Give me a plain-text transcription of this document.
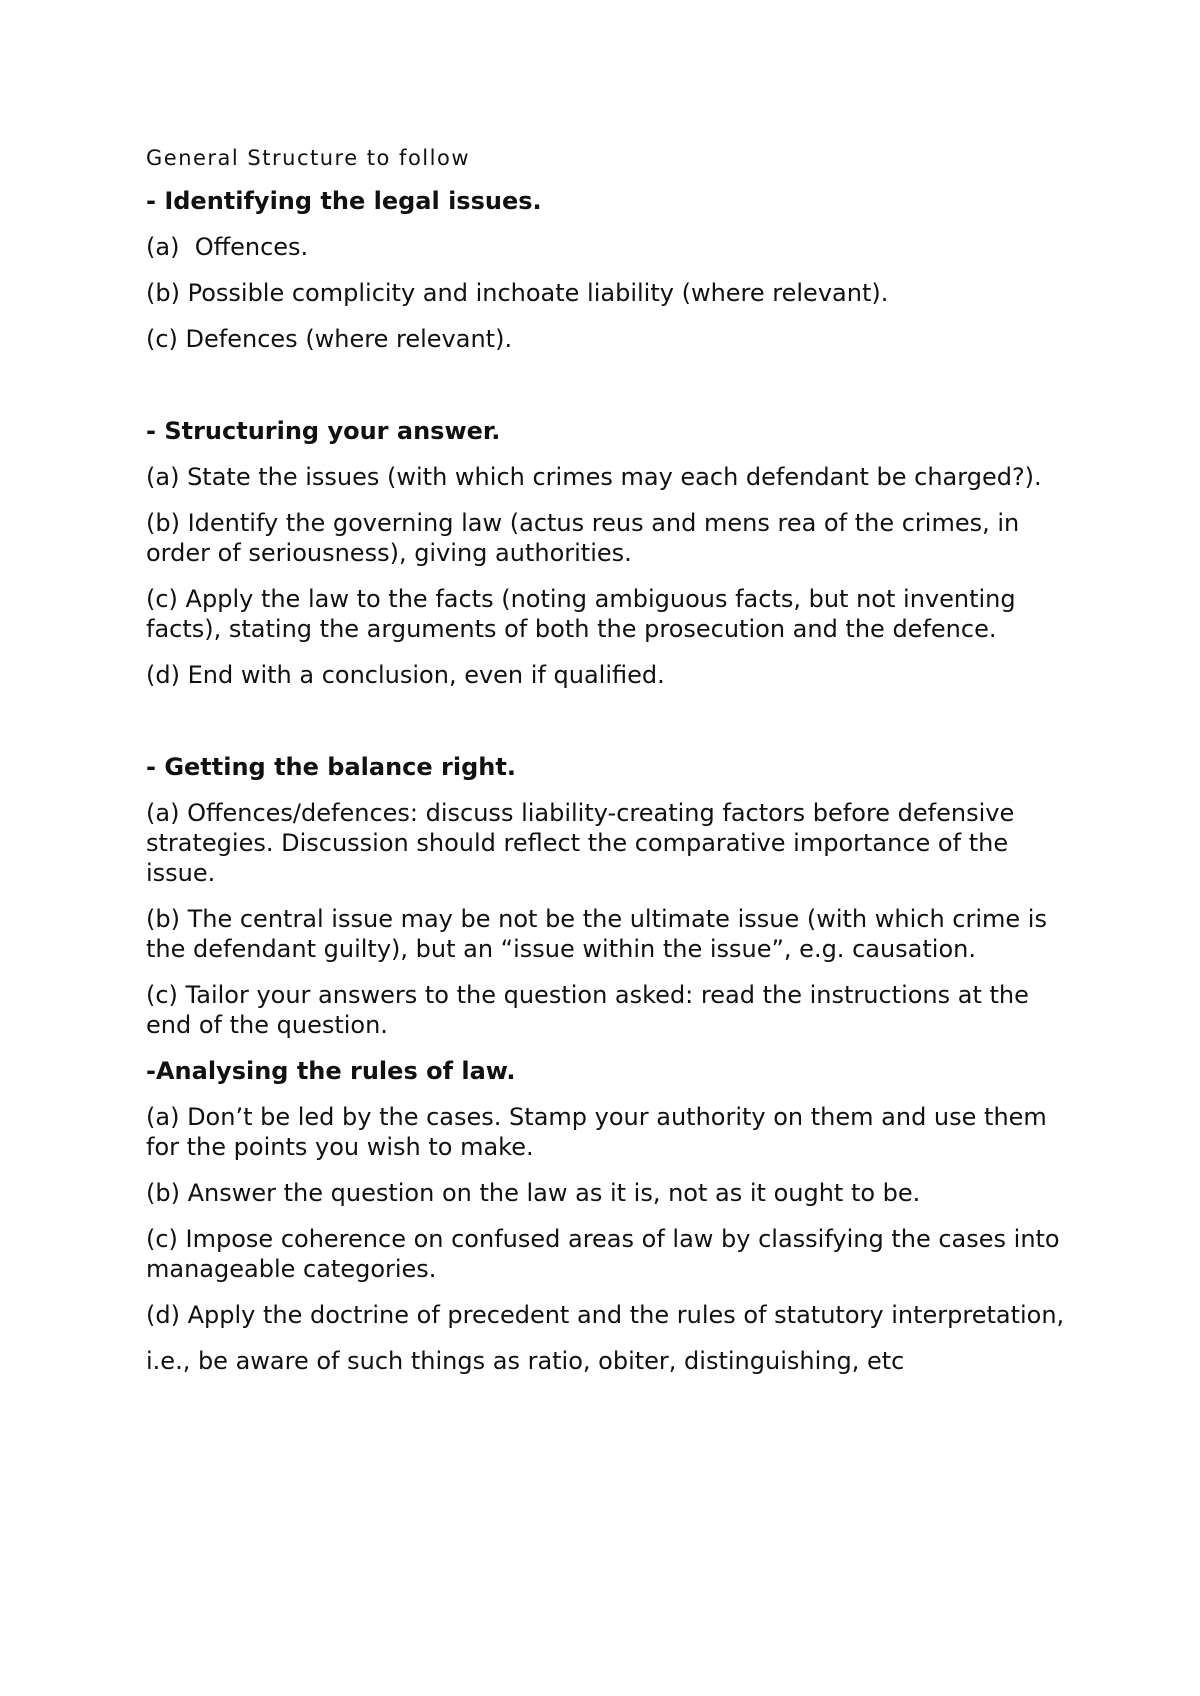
General Structure to follow

- Identifying the legal issues.

(a)  Offences.

(b) Possible complicity and inchoate liability (where relevant).

(c) Defences (where relevant).

- Structuring your answer.

(a) State the issues (with which crimes may each defendant be charged?).

(b) Identify the governing law (actus reus and mens rea of the crimes, in order of seriousness), giving authorities.

(c) Apply the law to the facts (noting ambiguous facts, but not inventing facts), stating the arguments of both the prosecution and the defence.

(d) End with a conclusion, even if qualified.

- Getting the balance right.

(a) Offences/defences: discuss liability-creating factors before defensive strategies. Discussion should reflect the comparative importance of the issue.

(b) The central issue may be not be the ultimate issue (with which crime is the defendant guilty), but an “issue within the issue”, e.g. causation.

(c) Tailor your answers to the question asked: read the instructions at the end of the question.

-Analysing the rules of law.

(a) Don’t be led by the cases. Stamp your authority on them and use them for the points you wish to make.

(b) Answer the question on the law as it is, not as it ought to be.

(c) Impose coherence on confused areas of law by classifying the cases into manageable categories.

(d) Apply the doctrine of precedent and the rules of statutory interpretation,

i.e., be aware of such things as ratio, obiter, distinguishing, etc
